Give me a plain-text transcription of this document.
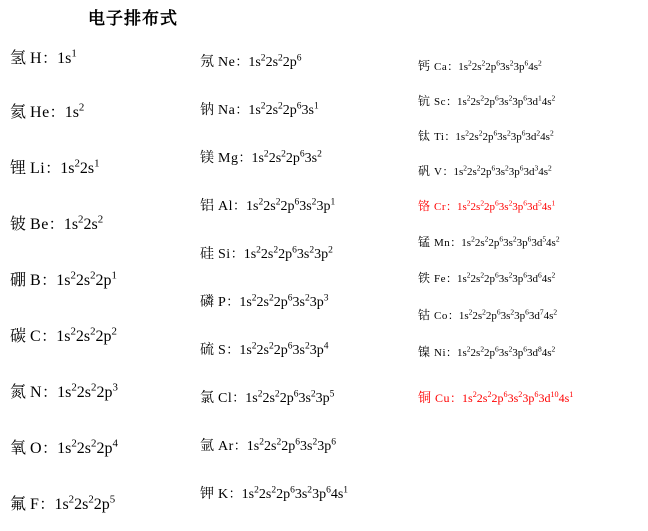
电子排布式
氢 H：$1s^1$
氦 He：$1s^2$
锂 Li：$1s^22s^1$
铍 Be：$1s^22s^2$
硼 B：$1s^22s^22p^1$
碳 C：$1s^22s^22p^2$
氮 N：$1s^22s^22p^3$
氧 O：$1s^22s^22p^4$
氟 F：$1s^22s^22p^5$
氖 Ne：$1s^22s^22p^6$
钠 Na：$1s^22s^22p^63s^1$
镁 Mg：$1s^22s^22p^63s^2$
铝 Al：$1s^22s^22p^63s^23p^1$
硅 Si：$1s^22s^22p^63s^23p^2$
磷 P：$1s^22s^22p^63s^23p^3$
硫 S：$1s^22s^22p^63s^23p^4$
氯 Cl：$1s^22s^22p^63s^23p^5$
氩 Ar：$1s^22s^22p^63s^23p^6$
钾 K：$1s^22s^22p^63s^23p^64s^1$
钙 Ca：$1s^22s^22p^63s^23p^64s^2$
钪 Sc：$1s^22s^22p^63s^23p^63d^14s^2$
钛 Ti：$1s^22s^22p^63s^23p^63d^24s^2$
矾 V：$1s^22s^22p^63s^23p^63d^34s^2$
铬 Cr：$1s^22s^22p^63s^23p^63d^54s^1$
锰 Mn：$1s^22s^22p^63s^23p^63d^54s^2$
铁 Fe：$1s^22s^22p^63s^23p^63d^64s^2$
钴 Co：$1s^22s^22p^63s^23p^63d^74s^2$
镍 Ni：$1s^22s^22p^63s^23p^63d^84s^2$
铜 Cu：$1s^22s^22p^63s^23p^63d^{10}4s^1$
